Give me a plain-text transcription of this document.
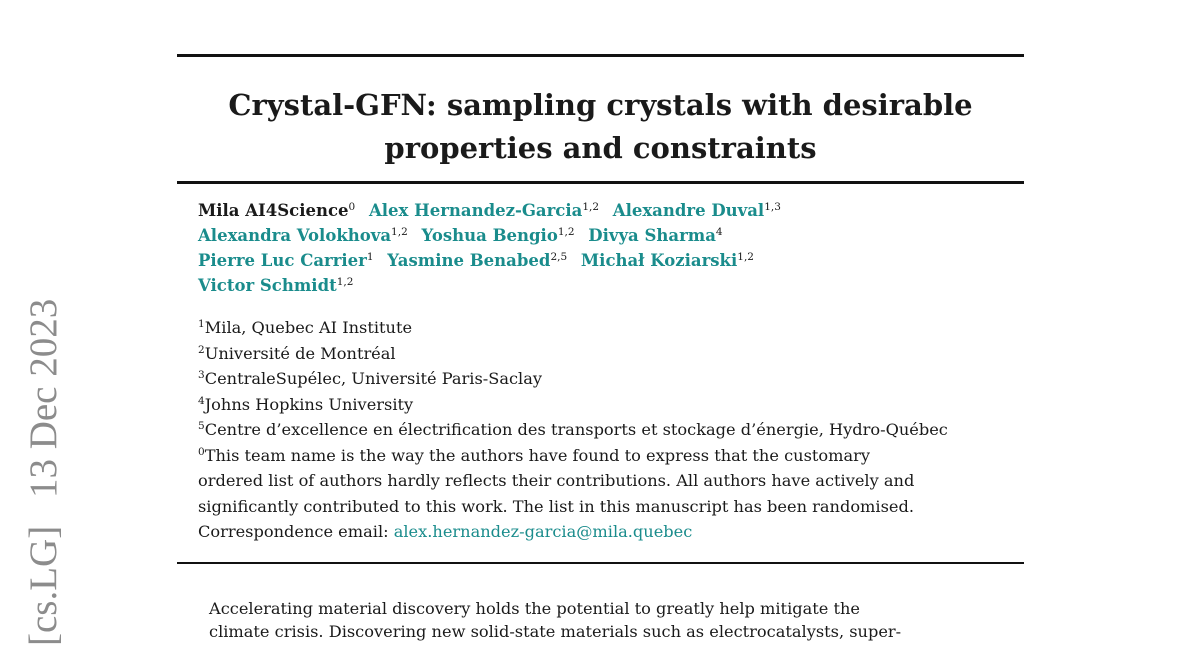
Crystal-GFN: sampling crystals with desirable
properties and constraints
Mila AI4Science$^0$ Alex Hernandez-Garcia$^{1,2}$ Alexandre Duval$^{1,3}$
Alexandra Volokhova$^{1,2}$ Yoshua Bengio$^{1,2}$ Divya Sharma$^4$
Pierre Luc Carrier$^1$ Yasmine Benabed$^{2,5}$ Michał Koziarski$^{1,2}$
Victor Schmidt$^{1,2}$
$^1$Mila, Quebec AI Institute
$^2$Université de Montréal
$^3$CentraleSupélec, Université Paris-Saclay
$^4$Johns Hopkins University
$^5$Centre d’excellence en électrification des transports et stockage d’énergie, Hydro-Québec
$^0$This team name is the way the authors have found to express that the customary
ordered list of authors hardly reflects their contributions. All authors have actively and
significantly contributed to this work. The list in this manuscript has been randomised.
Correspondence email: alex.hernandez-garcia@mila.quebec
Accelerating material discovery holds the potential to greatly help mitigate the
climate crisis. Discovering new solid-state materials such as electrocatalysts, super-
[cs.LG] 13 Dec 2023
